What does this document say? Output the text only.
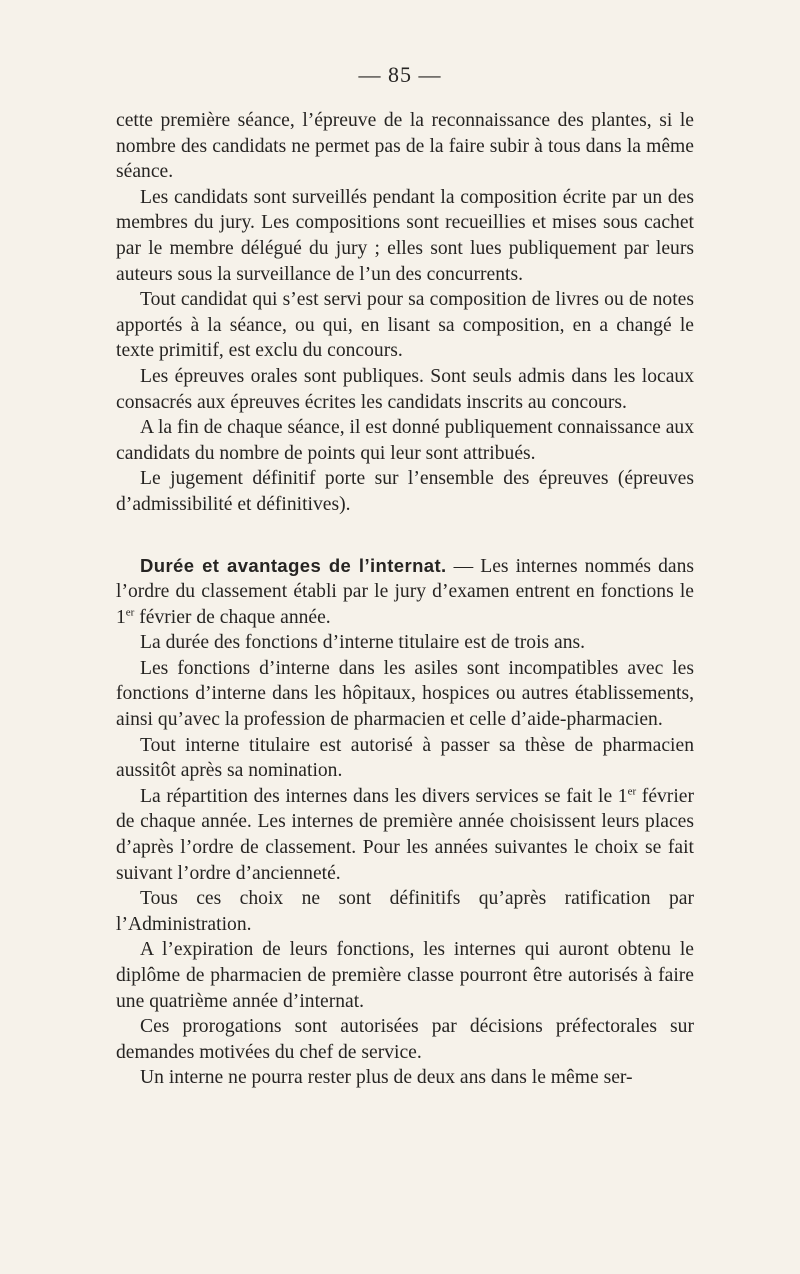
— 85 —

cette première séance, l’épreuve de la reconnaissance des plantes, si le nombre des candidats ne permet pas de la faire subir à tous dans la même séance.

Les candidats sont surveillés pendant la composition écrite par un des membres du jury. Les compositions sont recueillies et mises sous cachet par le membre délégué du jury ; elles sont lues publiquement par leurs auteurs sous la surveillance de l’un des concurrents.

Tout candidat qui s’est servi pour sa composition de livres ou de notes apportés à la séance, ou qui, en lisant sa composition, en a changé le texte primitif, est exclu du concours.

Les épreuves orales sont publiques. Sont seuls admis dans les locaux consacrés aux épreuves écrites les candidats inscrits au concours.

A la fin de chaque séance, il est donné publiquement connaissance aux candidats du nombre de points qui leur sont attribués.

Le jugement définitif porte sur l’ensemble des épreuves (épreuves d’admissibilité et définitives).

Durée et avantages de l’internat. — Les internes nommés dans l’ordre du classement établi par le jury d’examen entrent en fonctions le 1er février de chaque année.

La durée des fonctions d’interne titulaire est de trois ans.

Les fonctions d’interne dans les asiles sont incompatibles avec les fonctions d’interne dans les hôpitaux, hospices ou autres établissements, ainsi qu’avec la profession de pharmacien et celle d’aide-pharmacien.

Tout interne titulaire est autorisé à passer sa thèse de pharmacien aussitôt après sa nomination.

La répartition des internes dans les divers services se fait le 1er février de chaque année. Les internes de première année choisissent leurs places d’après l’ordre de classement. Pour les années suivantes le choix se fait suivant l’ordre d’ancienneté.

Tous ces choix ne sont définitifs qu’après ratification par l’Administration.

A l’expiration de leurs fonctions, les internes qui auront obtenu le diplôme de pharmacien de première classe pourront être autorisés à faire une quatrième année d’internat.

Ces prorogations sont autorisées par décisions préfectorales sur demandes motivées du chef de service.

Un interne ne pourra rester plus de deux ans dans le même ser-
